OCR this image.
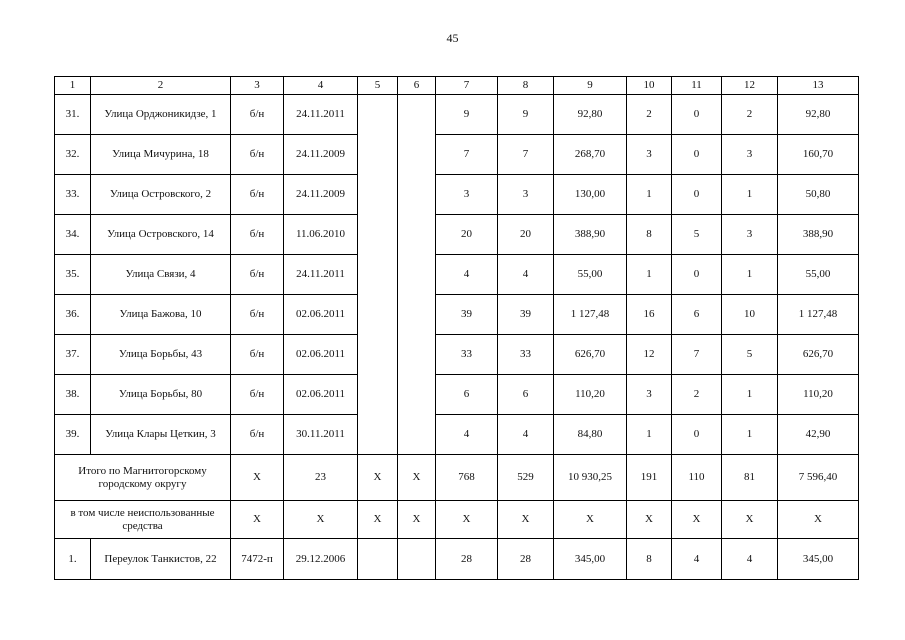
45
1	2	3	4	5	6	7	8	9	10	11	12	13
31.	Улица Орджоникидзе, 1	б/н	24.11.2011			9	9	92,80	2	0	2	92,80
32.	Улица Мичурина, 18	б/н	24.11.2009			7	7	268,70	3	0	3	160,70
33.	Улица Островского, 2	б/н	24.11.2009			3	3	130,00	1	0	1	50,80
34.	Улица Островского, 14	б/н	11.06.2010			20	20	388,90	8	5	3	388,90
35.	Улица Связи, 4	б/н	24.11.2011			4	4	55,00	1	0	1	55,00
36.	Улица Бажова, 10	б/н	02.06.2011			39	39	1 127,48	16	6	10	1 127,48
37.	Улица Борьбы, 43	б/н	02.06.2011			33	33	626,70	12	7	5	626,70
38.	Улица Борьбы, 80	б/н	02.06.2011			6	6	110,20	3	2	1	110,20
39.	Улица Клары Цеткин, 3	б/н	30.11.2011			4	4	84,80	1	0	1	42,90
Итого по Магнитогорскому городскому округу		X	23	X	X	768	529	10 930,25	191	110	81	7 596,40
в том числе неиспользованные средства		X	X	X	X	X	X	X	X	X	X	X
1.	Переулок Танкистов, 22	7472-п	29.12.2006			28	28	345,00	8	4	4	345,00
